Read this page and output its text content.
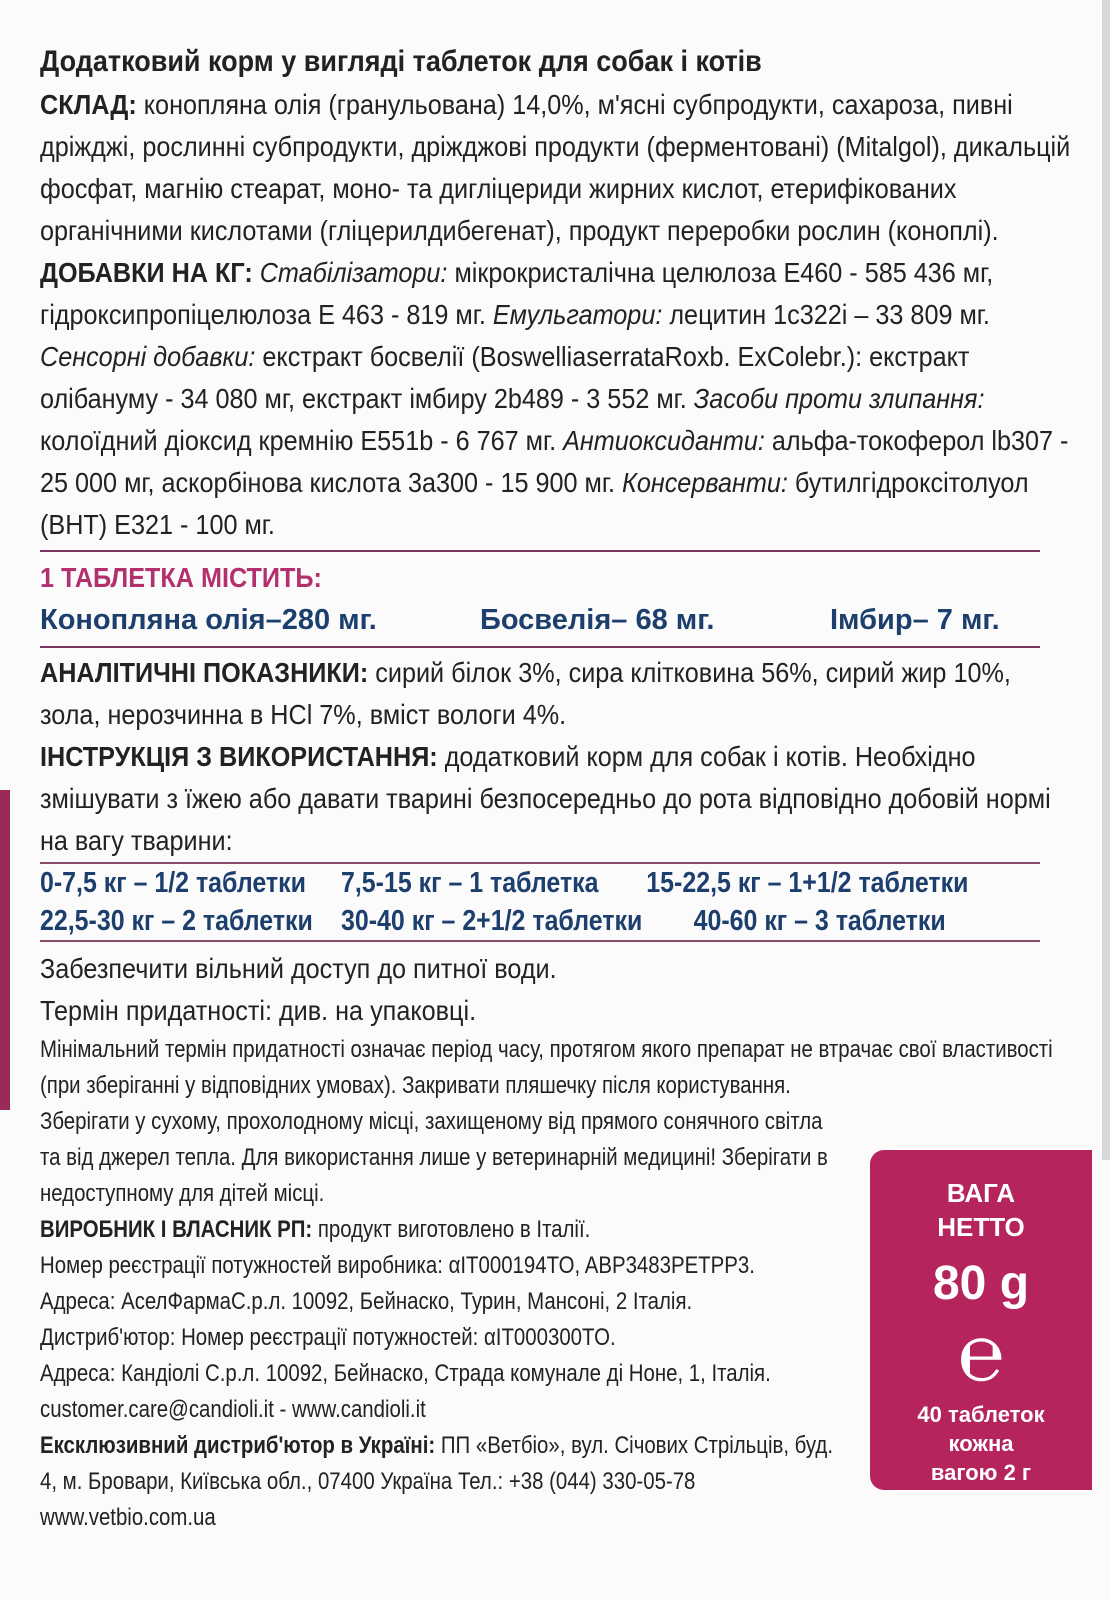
Додатковий корм у вигляді таблеток для собак і котів

СКЛАД: конопляна олія (гранульована) 14,0%, м'ясні субпродукти, сахароза, пивні дріжджі, рослинні субпродукти, дріжджові продукти (ферментовані) (Mitalgol), дикальцій фосфат, магнію стеарат, моно- та дигліцериди жирних кислот, етерифікованих органічними кислотами (гліцерилдибегенат), продукт переробки рослин (коноплі).

ДОБАВКИ НА КГ: Стабілізатори: мікрокристалічна целюлоза Е460 - 585 436 мг, гідроксипропіцелюлоза Е 463 - 819 мг. Емульгатори: лецитин 1с322і – 33 809 мг. Сенсорні добавки: екстракт босвелії (BoswelliaserrataRoxb. ExColebr.): екстракт олібануму - 34 080 мг, екстракт імбиру 2b489 - 3 552 мг. Засоби проти злипання: колоїдний діоксид кремнію Е551b - 6 767 мг. Антиоксиданти: альфа-токоферол lb307 - 25 000 мг, аскорбінова кислота 3а300 - 15 900 мг. Консерванти: бутилгідроксітолуол (ВНТ) Е321 - 100 мг.

1 ТАБЛЕТКА МІСТИТЬ:

Конопляна олія–280 мг.	Босвелія– 68 мг.	Імбир– 7 мг.

АНАЛІТИЧНІ ПОКАЗНИКИ: сирий білок 3%, сира клітковина 56%, сирий жир 10%, зола, нерозчинна в HCl 7%, вміст вологи 4%.

ІНСТРУКЦІЯ З ВИКОРИСТАННЯ: додатковий корм для собак і котів. Необхідно змішувати з їжею або давати тварині безпосередньо до рота відповідно добовій нормі на вагу тварини:

0-7,5 кг – 1/2 таблетки	7,5-15 кг – 1 таблетка	15-22,5 кг – 1+1/2 таблетки
22,5-30 кг – 2 таблетки 30-40 кг – 2+1/2 таблетки	40-60 кг – 3 таблетки

Забезпечити вільний доступ до питної води.

Термін придатності: див. на упаковці.

Мінімальний термін придатності означає період часу, протягом якого препарат не втрачає свої властивості (при зберіганні у відповідних умовах). Закривати пляшечку після користування.

Зберігати у сухому, прохолодному місці, захищеному від прямого сонячного світла та від джерел тепла. Для використання лише у ветеринарній медицині! Зберігати в недоступному для дітей місці.

ВИРОБНИК І ВЛАСНИК РП: продукт виготовлено в Італії.

Номер реєстрації потужностей виробника: αIT000194TO, ABP3483PETPP3.

Адреса: АселФармаС.р.л. 10092, Бейнаско, Турин, Мансоні, 2 Італія.

Дистриб'ютор: Номер реєстрації потужностей: αIT000300TO.

Адреса: Кандіолі С.р.л. 10092, Бейнаско, Страда комунале ді Ноне, 1, Італія.

customer.care@candioli.it - www.candioli.it

Ексклюзивний дистриб'ютор в Україні: ПП «Ветбіо», вул. Січових Стрільців, буд. 4, м. Бровари, Київська обл., 07400 Україна Тел.: +38 (044) 330-05-78 www.vetbio.com.ua

ВАГА
НЕТТО
80 g
℮
40 таблеток
кожна
вагою 2 г
